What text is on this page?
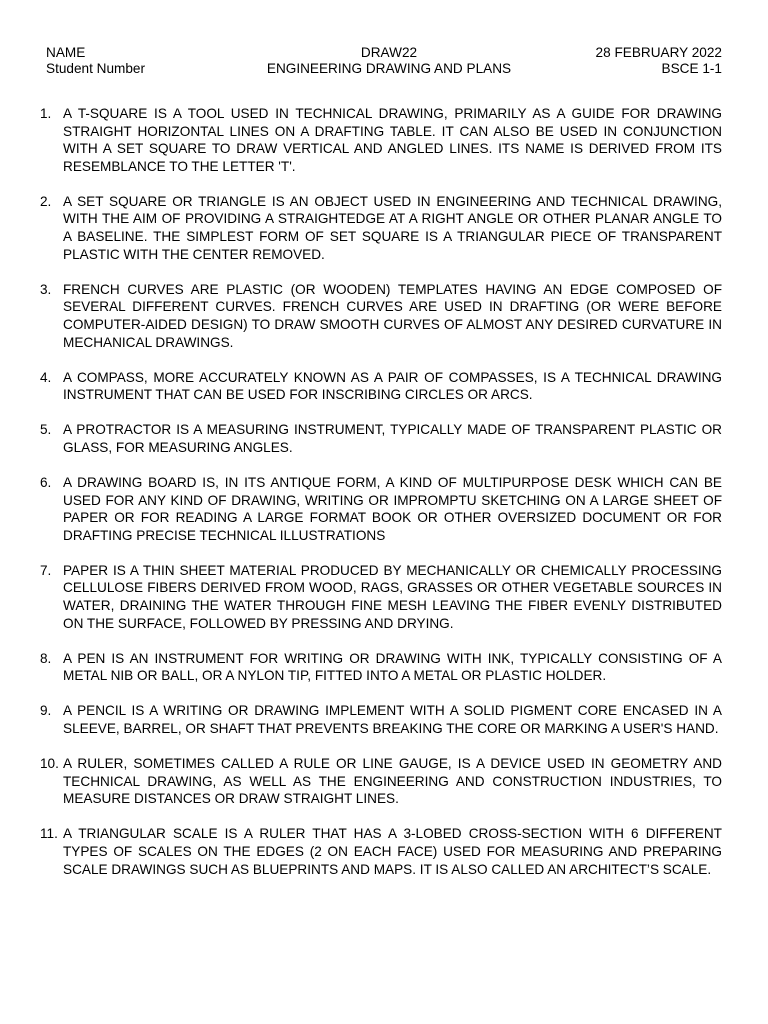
NAME	DRAW22	28 FEBRUARY 2022
Student Number	ENGINEERING DRAWING AND PLANS	BSCE 1-1
1. A T-SQUARE IS A TOOL USED IN TECHNICAL DRAWING, PRIMARILY AS A GUIDE FOR DRAWING STRAIGHT HORIZONTAL LINES ON A DRAFTING TABLE. IT CAN ALSO BE USED IN CONJUNCTION WITH A SET SQUARE TO DRAW VERTICAL AND ANGLED LINES. ITS NAME IS DERIVED FROM ITS RESEMBLANCE TO THE LETTER 'T'.
2. A SET SQUARE OR TRIANGLE IS AN OBJECT USED IN ENGINEERING AND TECHNICAL DRAWING, WITH THE AIM OF PROVIDING A STRAIGHTEDGE AT A RIGHT ANGLE OR OTHER PLANAR ANGLE TO A BASELINE. THE SIMPLEST FORM OF SET SQUARE IS A TRIANGULAR PIECE OF TRANSPARENT PLASTIC WITH THE CENTER REMOVED.
3. FRENCH CURVES ARE PLASTIC (OR WOODEN) TEMPLATES HAVING AN EDGE COMPOSED OF SEVERAL DIFFERENT CURVES. FRENCH CURVES ARE USED IN DRAFTING (OR WERE BEFORE COMPUTER-AIDED DESIGN) TO DRAW SMOOTH CURVES OF ALMOST ANY DESIRED CURVATURE IN MECHANICAL DRAWINGS.
4. A COMPASS, MORE ACCURATELY KNOWN AS A PAIR OF COMPASSES, IS A TECHNICAL DRAWING INSTRUMENT THAT CAN BE USED FOR INSCRIBING CIRCLES OR ARCS.
5. A PROTRACTOR IS A MEASURING INSTRUMENT, TYPICALLY MADE OF TRANSPARENT PLASTIC OR GLASS, FOR MEASURING ANGLES.
6. A DRAWING BOARD IS, IN ITS ANTIQUE FORM, A KIND OF MULTIPURPOSE DESK WHICH CAN BE USED FOR ANY KIND OF DRAWING, WRITING OR IMPROMPTU SKETCHING ON A LARGE SHEET OF PAPER OR FOR READING A LARGE FORMAT BOOK OR OTHER OVERSIZED DOCUMENT OR FOR DRAFTING PRECISE TECHNICAL ILLUSTRATIONS
7. PAPER IS A THIN SHEET MATERIAL PRODUCED BY MECHANICALLY OR CHEMICALLY PROCESSING CELLULOSE FIBERS DERIVED FROM WOOD, RAGS, GRASSES OR OTHER VEGETABLE SOURCES IN WATER, DRAINING THE WATER THROUGH FINE MESH LEAVING THE FIBER EVENLY DISTRIBUTED ON THE SURFACE, FOLLOWED BY PRESSING AND DRYING.
8. A PEN IS AN INSTRUMENT FOR WRITING OR DRAWING WITH INK, TYPICALLY CONSISTING OF A METAL NIB OR BALL, OR A NYLON TIP, FITTED INTO A METAL OR PLASTIC HOLDER.
9. A PENCIL IS A WRITING OR DRAWING IMPLEMENT WITH A SOLID PIGMENT CORE ENCASED IN A SLEEVE, BARREL, OR SHAFT THAT PREVENTS BREAKING THE CORE OR MARKING A USER'S HAND.
10. A RULER, SOMETIMES CALLED A RULE OR LINE GAUGE, IS A DEVICE USED IN GEOMETRY AND TECHNICAL DRAWING, AS WELL AS THE ENGINEERING AND CONSTRUCTION INDUSTRIES, TO MEASURE DISTANCES OR DRAW STRAIGHT LINES.
11. A TRIANGULAR SCALE IS A RULER THAT HAS A 3-LOBED CROSS-SECTION WITH 6 DIFFERENT TYPES OF SCALES ON THE EDGES (2 ON EACH FACE) USED FOR MEASURING AND PREPARING SCALE DRAWINGS SUCH AS BLUEPRINTS AND MAPS. IT IS ALSO CALLED AN ARCHITECT’S SCALE.
